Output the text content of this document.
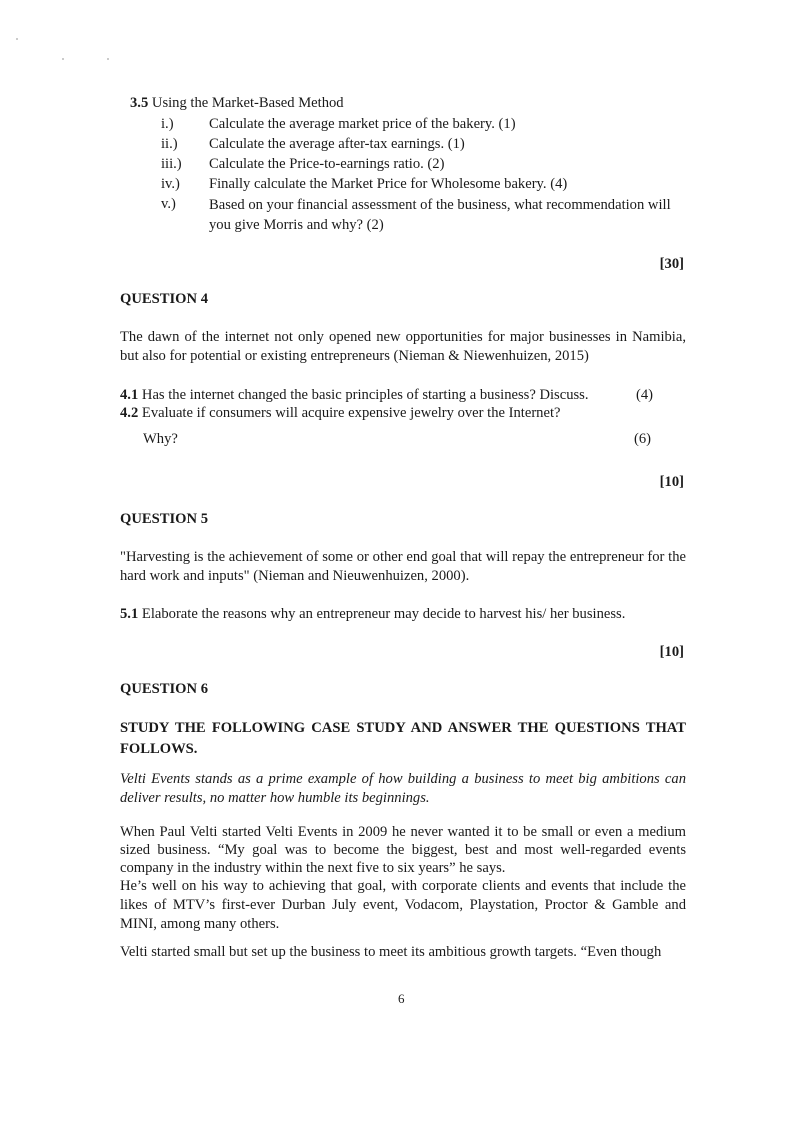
3.5 Using the Market-Based Method
i.)	Calculate the average market price of the bakery. (1)
ii.)	Calculate the average after-tax earnings. (1)
iii.)	Calculate the Price-to-earnings ratio. (2)
iv.)	Finally calculate the Market Price for Wholesome bakery. (4)
v.)	Based on your financial assessment of the business, what recommendation will you give Morris and why? (2)
[30]
QUESTION 4
The dawn of the internet not only opened new opportunities for major businesses in Namibia, but also for potential or existing entrepreneurs (Nieman & Niewenhuizen, 2015)
4.1 Has the internet changed the basic principles of starting a business? Discuss.	(4)
4.2 Evaluate if consumers will acquire expensive jewelry over the Internet?
Why?	(6)
[10]
QUESTION 5
"Harvesting is the achievement of some or other end goal that will repay the entrepreneur for the hard work and inputs" (Nieman and Nieuwenhuizen, 2000).
5.1 Elaborate the reasons why an entrepreneur may decide to harvest his/ her business.
[10]
QUESTION 6
STUDY THE FOLLOWING CASE STUDY AND ANSWER THE QUESTIONS THAT FOLLOWS.
Velti Events stands as a prime example of how building a business to meet big ambitions can deliver results, no matter how humble its beginnings.
When Paul Velti started Velti Events in 2009 he never wanted it to be small or even a medium sized business. “My goal was to become the biggest, best and most well-regarded events company in the industry within the next five to six years” he says.
He’s well on his way to achieving that goal, with corporate clients and events that include the likes of MTV’s first-ever Durban July event, Vodacom, Playstation, Proctor & Gamble and MINI, among many others.
Velti started small but set up the business to meet its ambitious growth targets. “Even though
6
